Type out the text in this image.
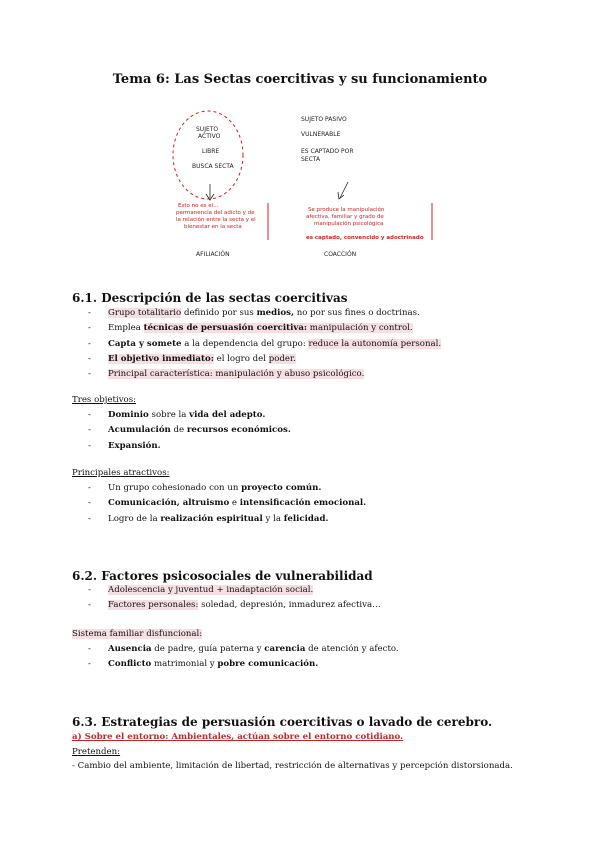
Tema 6: Las Sectas coercitivas y su funcionamiento
SUJETO
ACTIVO
LIBRE
BUSCA SECTA
Esto no es el...
permanencia del adicto y de
la relación entre la secta y el
bienestar en la secta
AFILIACIÓN
SUJETO PASIVO
VULNERABLE
ES CAPTADO POR
SECTA
Se produce la manipulación
afectiva, familiar y grado de
manipulación psicológica
es captado, convencido y adoctrinado
COACCIÓN
6.1. Descripción de las sectas coercitivas
- Grupo totalitario definido por sus medios, no por sus fines o doctrinas.
- Emplea técnicas de persuasión coercitiva: manipulación y control.
- Capta y somete a la dependencia del grupo: reduce la autonomía personal.
- El objetivo inmediato: el logro del poder.
- Principal característica: manipulación y abuso psicológico.
Tres objetivos:
- Dominio sobre la vida del adepto.
- Acumulación de recursos económicos.
- Expansión.
Principales atractivos:
- Un grupo cohesionado con un proyecto común.
- Comunicación, altruismo e intensificación emocional.
- Logro de la realización espiritual y la felicidad.
6.2. Factores psicosociales de vulnerabilidad
- Adolescencia y juventud + inadaptación social.
- Factores personales: soledad, depresión, inmadurez afectiva…
Sistema familiar disfuncional:
- Ausencia de padre, guía paterna y carencia de atención y afecto.
- Conflicto matrimonial y pobre comunicación.
6.3. Estrategias de persuasión coercitivas o lavado de cerebro.
a) Sobre el entorno: Ambientales, actúan sobre el entorno cotidiano.
Pretenden:
- Cambio del ambiente, limitación de libertad, restricción de alternativas y percepción distorsionada.
